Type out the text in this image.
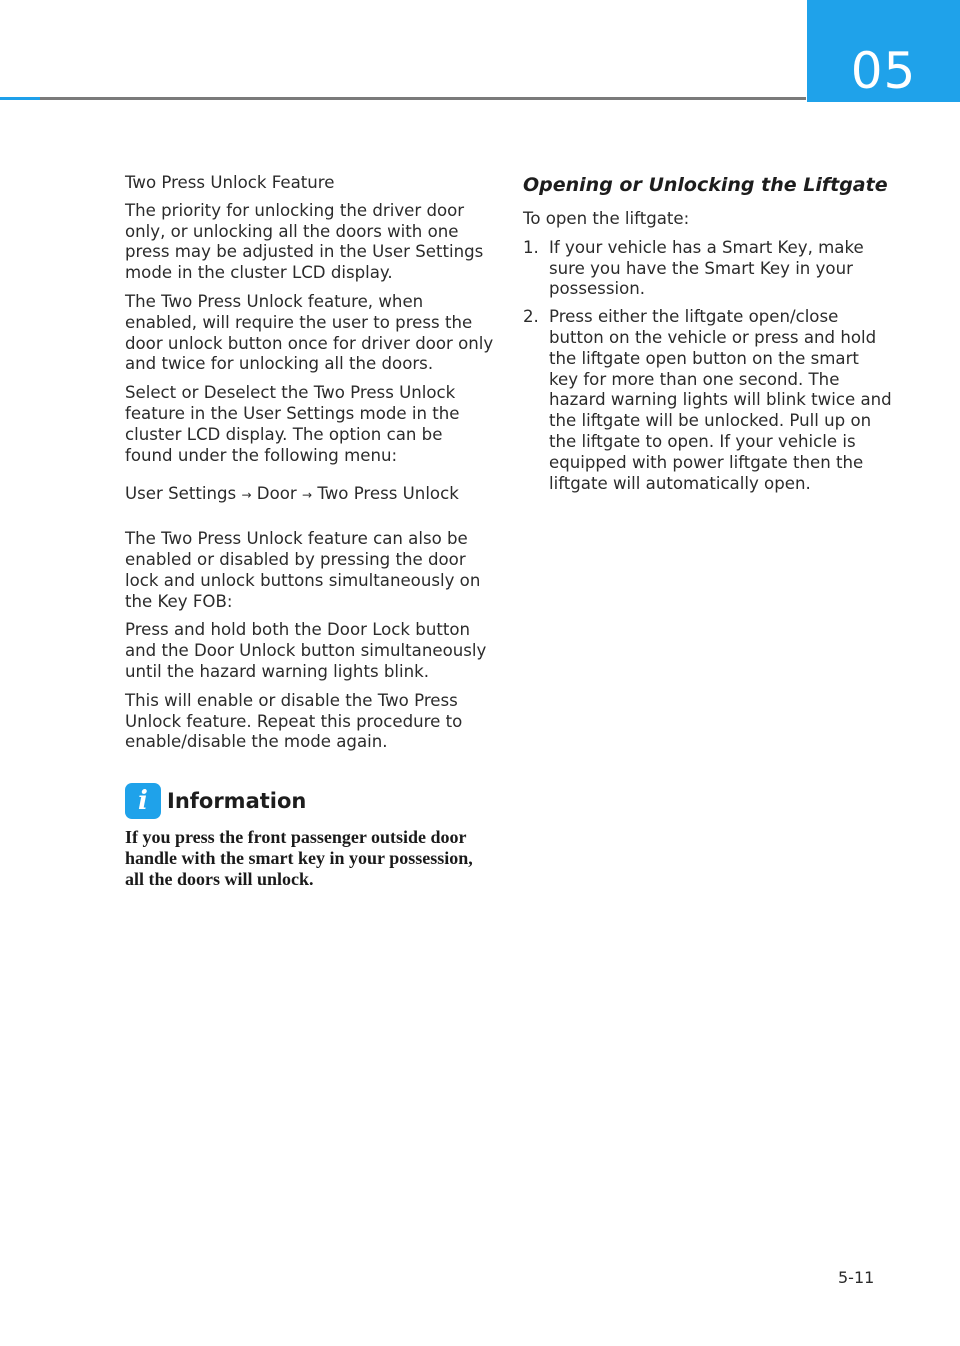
05

Two Press Unlock Feature

The priority for unlocking the driver door only, or unlocking all the doors with one press may be adjusted in the User Settings mode in the cluster LCD display.

The Two Press Unlock feature, when enabled, will require the user to press the door unlock button once for driver door only and twice for unlocking all the doors.

Select or Deselect the Two Press Unlock feature in the User Settings mode in the cluster LCD display. The option can be found under the following menu:

User Settings → Door → Two Press Unlock

The Two Press Unlock feature can also be enabled or disabled by pressing the door lock and unlock buttons simultaneously on the Key FOB:

Press and hold both the Door Lock button and the Door Unlock button simultaneously until the hazard warning lights blink.

This will enable or disable the Two Press Unlock feature. Repeat this procedure to enable/disable the mode again.

i Information

If you press the front passenger outside door handle with the smart key in your possession, all the doors will unlock.

Opening or Unlocking the Liftgate

To open the liftgate:

1. If your vehicle has a Smart Key, make sure you have the Smart Key in your possession.
2. Press either the liftgate open/close button on the vehicle or press and hold the liftgate open button on the smart key for more than one second. The hazard warning lights will blink twice and the liftgate will be unlocked. Pull up on the liftgate to open. If your vehicle is equipped with power liftgate then the liftgate will automatically open.
5-11
